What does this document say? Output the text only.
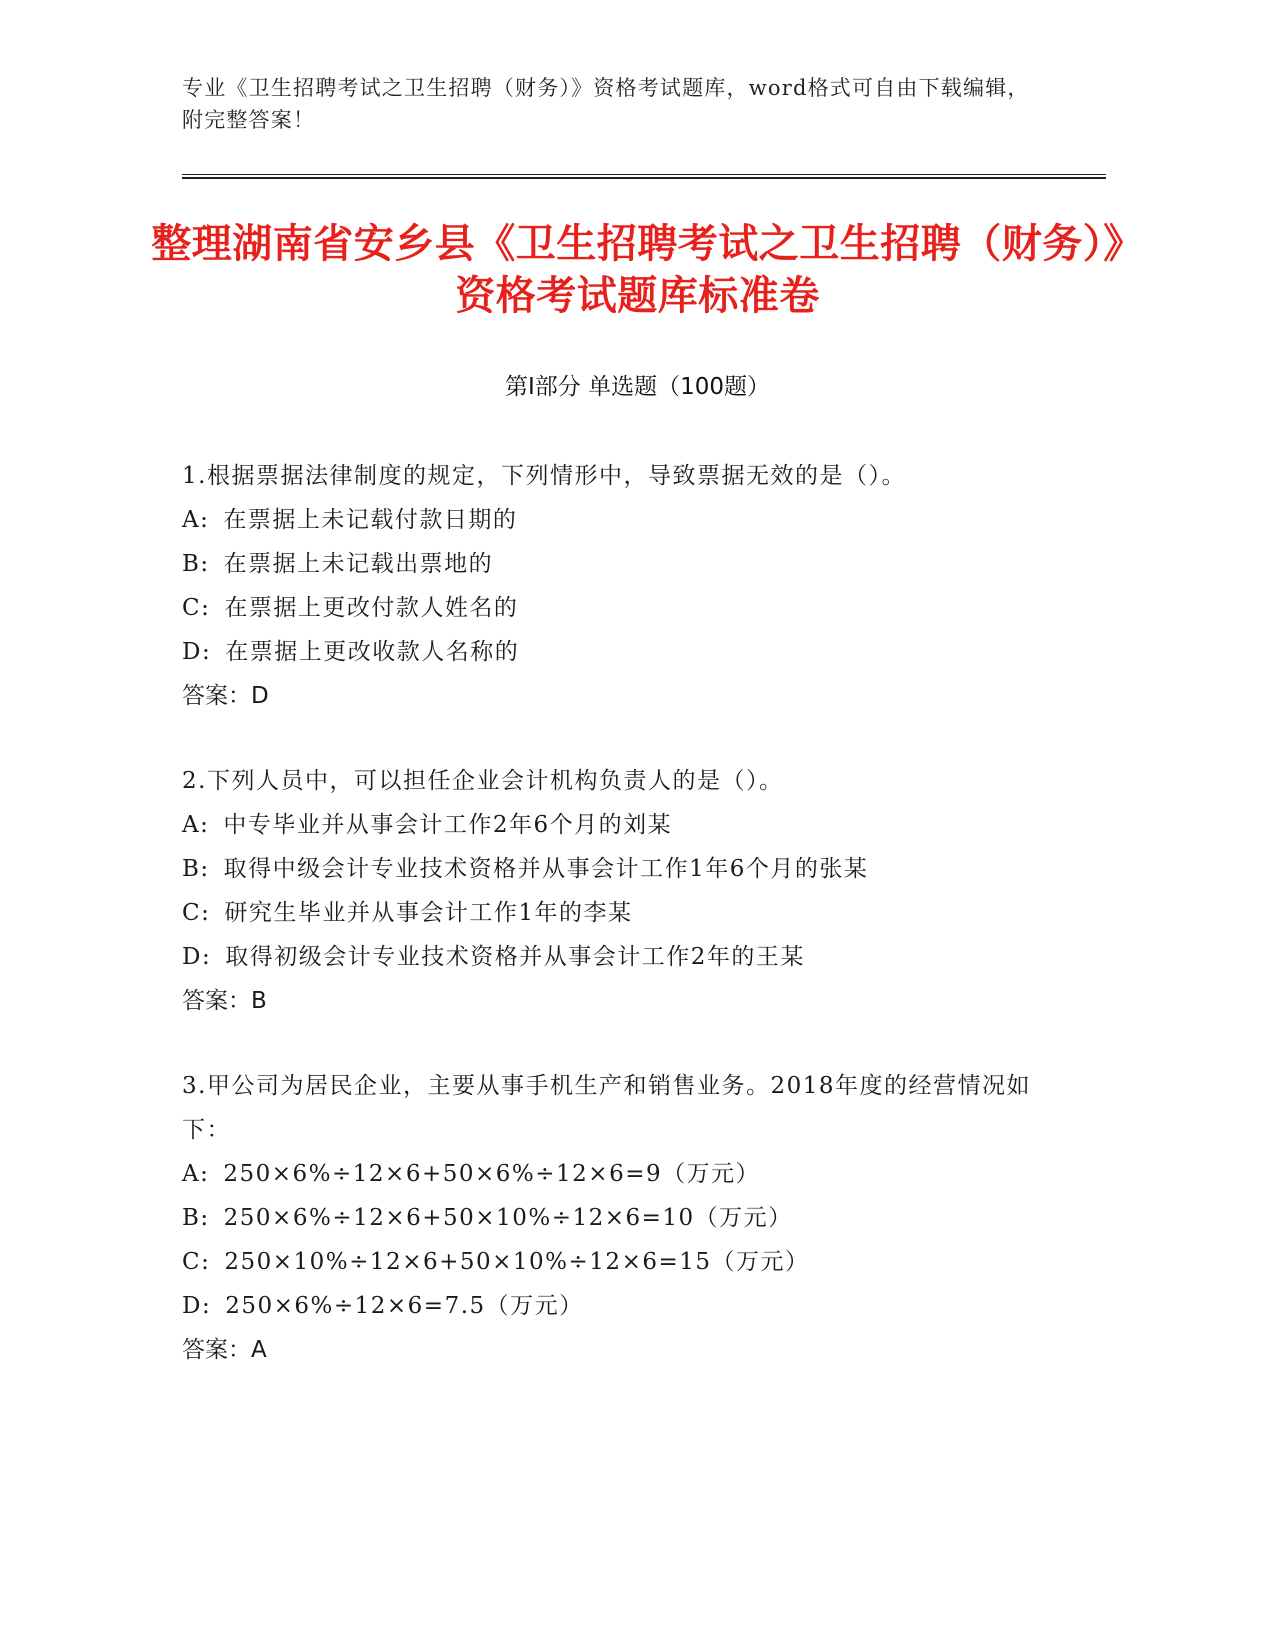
专业《卫生招聘考试之卫生招聘（财务）》资格考试题库，word格式可自由下载编辑，附完整答案！
整理湖南省安乡县《卫生招聘考试之卫生招聘（财务）》资格考试题库标准卷
第Ⅰ部分 单选题（100题）

1.根据票据法律制度的规定，下列情形中，导致票据无效的是（）。

A: 在票据上未记载付款日期的

B: 在票据上未记载出票地的

C: 在票据上更改付款人姓名的

D: 在票据上更改收款人名称的

答案：D

2.下列人员中，可以担任企业会计机构负责人的是（）。

A: 中专毕业并从事会计工作2年6个月的刘某

B: 取得中级会计专业技术资格并从事会计工作1年6个月的张某

C: 研究生毕业并从事会计工作1年的李某

D: 取得初级会计专业技术资格并从事会计工作2年的王某

答案：B

3.甲公司为居民企业，主要从事手机生产和销售业务。2018年度的经营情况如下：

A: 250×6%÷12×6+50×6%÷12×6=9（万元）

B: 250×6%÷12×6+50×10%÷12×6=10（万元）

C: 250×10%÷12×6+50×10%÷12×6=15（万元）

D: 250×6%÷12×6=7.5（万元）

答案：A
